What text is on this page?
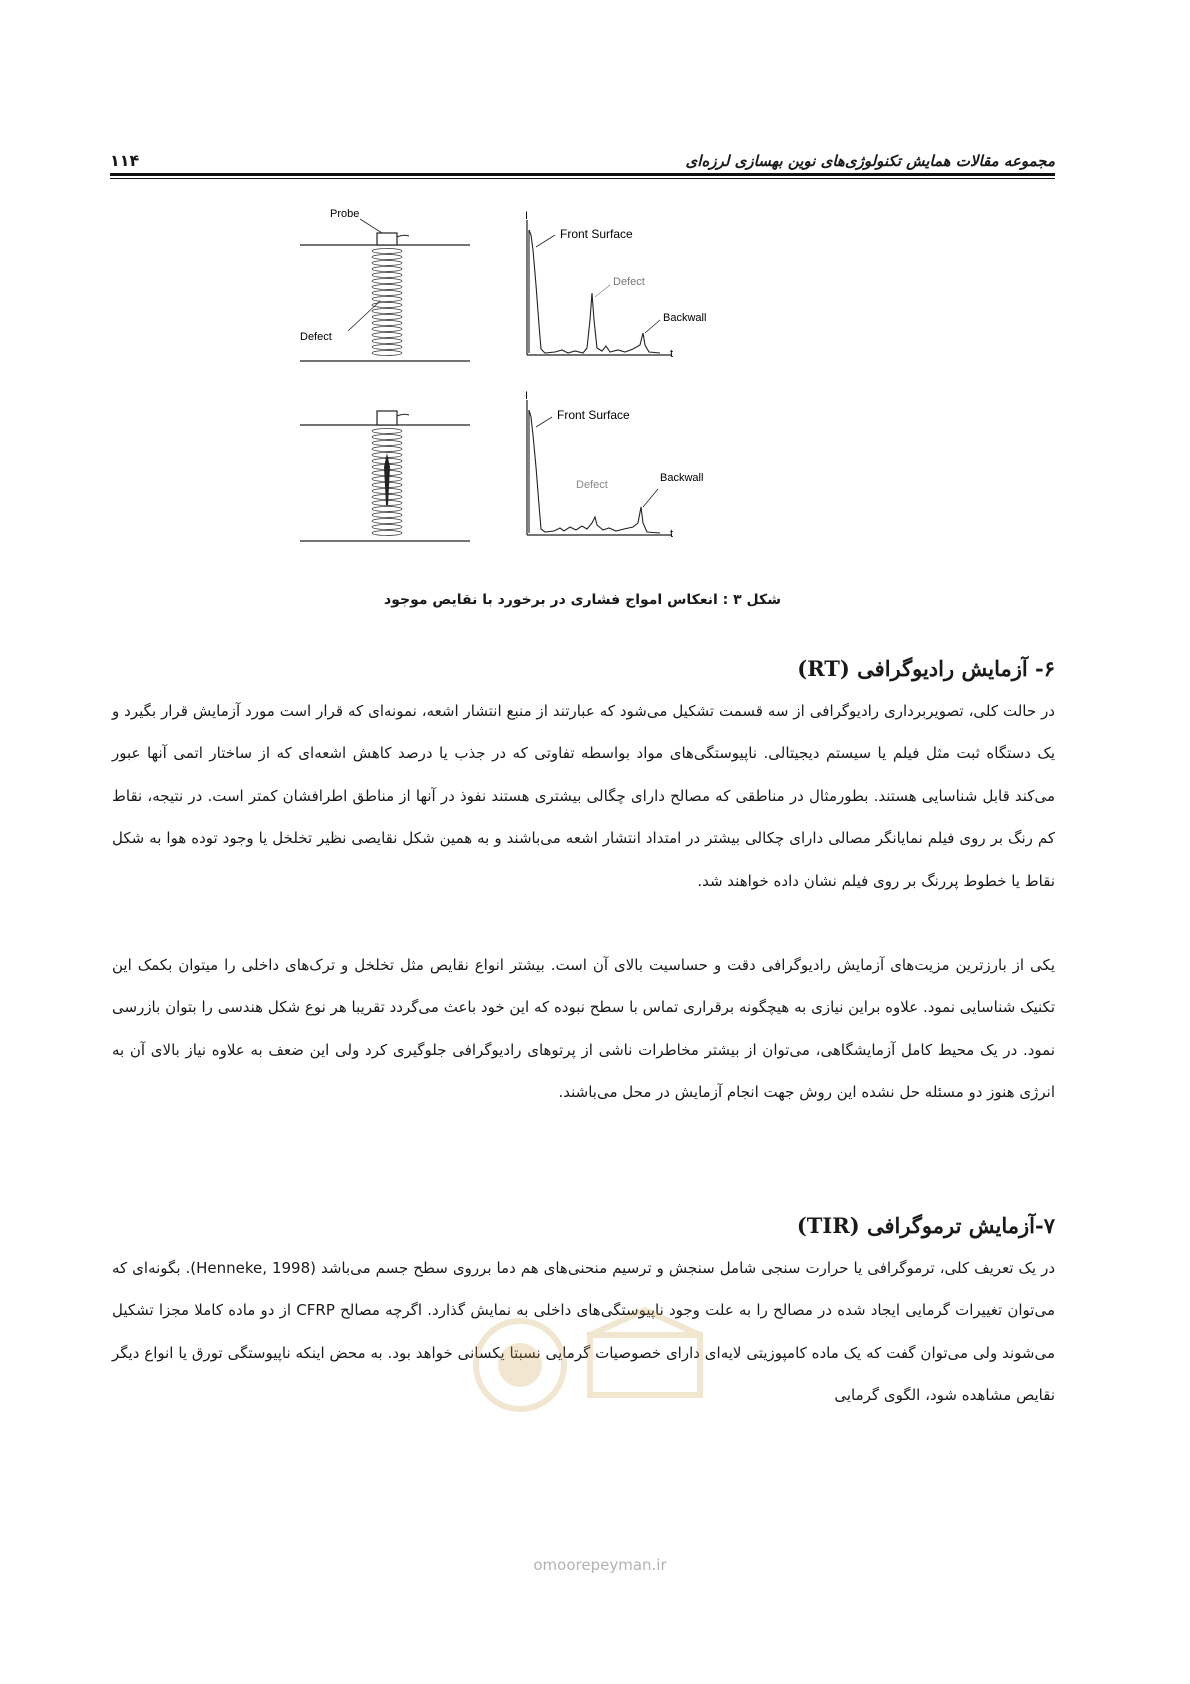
۱۱۴	مجموعه مقالات همایش تکنولوژی‌های نوین بهسازی لرزه‌ای
Probe
Defect
I
t
Front Surface
Defect
Backwall
I
t
Front Surface
Defect
Backwall
شکل ۳ : انعکاس امواج فشاری در برخورد با نقایص موجود
۶- آزمایش رادیوگرافی (RT)
در حالت کلی، تصویربرداری رادیوگرافی از سه قسمت تشکیل می‌شود که عبارتند از منبع انتشار اشعه، نمونه‌ای که قرار است مورد آزمایش قرار بگیرد و یک دستگاه ثبت مثل فیلم یا سیستم دیجیتالی. ناپیوستگی‌های مواد بواسطه تفاوتی که در جذب یا درصد کاهش اشعه‌ای که از ساختار اتمی آنها عبور می‌کند قابل شناسایی هستند. بطورمثال در مناطقی که مصالح دارای چگالی بیشتری هستند نفوذ در آنها از مناطق اطرافشان کمتر است. در نتیجه، نقاط کم رنگ بر روی فیلم نمایانگر مصالی دارای چکالی بیشتر در امتداد انتشار اشعه می‌باشند و به همین شکل نقایصی نظیر تخلخل یا وجود توده هوا به شکل نقاط یا خطوط پررنگ بر روی فیلم نشان داده خواهند شد.
یکی از بارزترین مزیت‌های آزمایش رادیوگرافی دقت و حساسیت بالای آن است. بیشتر انواع نقایص مثل تخلخل و ترک‌های داخلی را میتوان بکمک این تکنیک شناسایی نمود. علاوه براین نیازی به هیچگونه برقراری تماس با سطح نبوده که این خود باعث می‌گردد تقریبا هر نوع شکل هندسی را بتوان بازرسی نمود. در یک محیط کامل آزمایشگاهی، می‌توان از بیشتر مخاطرات ناشی از پرتوهای رادیوگرافی جلوگیری کرد ولی این ضعف به علاوه نیاز بالای آن به انرژی هنوز دو مسئله حل نشده این روش جهت انجام آزمایش در محل می‌باشند.
۷-آزمایش ترموگرافی (TIR)
در یک تعریف کلی، ترموگرافی یا حرارت سنجی شامل سنجش و ترسیم منحنی‌های هم دما برروی سطح جسم می‌باشد (Henneke, 1998). بگونه‌ای که می‌توان تغییرات گرمایی ایجاد شده در مصالح را به علت وجود ناپیوستگی‌های داخلی به نمایش گذارد. اگرچه مصالح CFRP از دو ماده کاملا مجزا تشکیل می‌شوند ولی می‌توان گفت که یک ماده کامپوزیتی لایه‌ای دارای خصوصیات گرمایی نسبتا یکسانی خواهد بود. به محض اینکه ناپیوستگی تورق یا انواع دیگر نقایص مشاهده شود، الگوی گرمایی
omoorepeyman.ir
